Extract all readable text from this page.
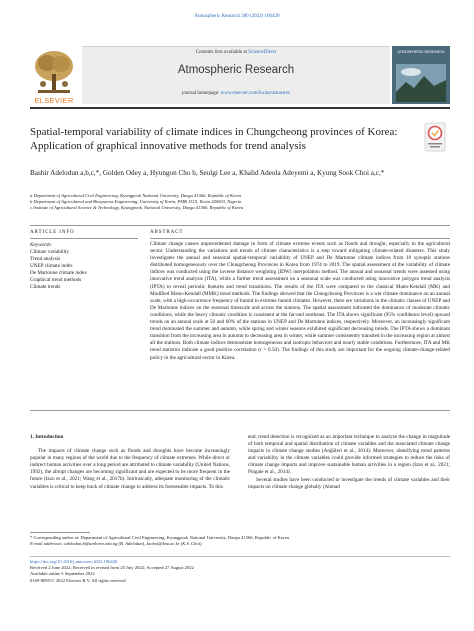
Atmospheric Research 280 (2022) 106420
Contents lists available at ScienceDirect
Atmospheric Research
journal homepage: www.elsevier.com/locate/atmosres
ELSEVIER
ATMOSPHERIC RESEARCH
Spatial-temporal variability of climate indices in Chungcheong provinces of Korea: Application of graphical innovative methods for trend analysis
Bashir Adelodun a,b,c,*, Golden Odey a, Hyungon Cho b, Seulgi Lee a, Khalid Adeola Adeyemi a, Kyung Sook Choi a,c,*
a Department of Agricultural Civil Engineering, Kyungpook National University, Daegu 41566, Republic of Korea
b Department of Agricultural and Biosystems Engineering, University of Ilorin, PMB 1515, Ilorin 240003, Nigeria
c Institute of Agricultural Science & Technology, Kyungpook, National University, Daegu 41566, Republic of Korea
ARTICLE INFO	ABSTRACT
Keywords:
Climate variability
Trend analysis
UNEP climate index
De Martonne climate index
Graphical trend methods
Climate trends
Climate change causes unprecedented damage in form of climate extreme events such as floods and drought, especially in the agricultural sector. Understanding the variations and trends of climate characteristics is a step toward mitigating climate-related disasters. This study investigates the annual and seasonal spatial-temporal variability of UNEP and De Martonne climate indices from 10 synoptic stations distributed homogeneously over the Chungcheong Provinces in Korea from 1974 to 2019. The spatial assessment of the variability of climate indices was conducted using the inverse distance weighting (IDW) interpolation method. The annual and seasonal trends were assessed using innovative trend analysis (ITA), while a further trend assessment on a seasonal scale was conducted using innovative polygon trend analysis (IPTA) to reveal periodic features and trend transitions. The results of the ITA were compared to the classical Mann-Kendall (MK) and Modified Mann-Kendall (MMK) trend methods. The findings showed that the Chungcheong Provinces is a wet climate dominance on an annual scale, with a high-occurrence frequency of humid to extreme humid climates. However, there are variations in the climatic classes of UNEP and De Martonne indices on the seasonal timescale and across the stations. The spatial assessment indicated the dominance of moderate climatic conditions, while the heavy climatic condition is consistent at the far-end northeast. The ITA shows significant (95% confidence level) upward trends on an annual scale at 50 and 60% of the stations in UNEP and De Martonne indices, respectively. Moreover, an increasingly significant trend dominated the summer and autumn, while spring and winter seasons exhibited significant decreasing trends. The IPTA shows a dominant transition from the increasing area in autumn to decreasing area in winter, while summer consistently transited in the increasing region at almost all the stations. Both climate indices demonstrate homogeneous and isotropic behaviors and nearly stable conditions. Furthermore, ITA and MK trend statistics indicate a good positive correlation (r > 0.50). The findings of this study are important for the ongoing climate-change-related policy in the agricultural sector in Korea.
1. Introduction

The impacts of climate change such as floods and droughts have become increasingly popular in many regions of the world due to the frequency of climate extremes. While direct or indirect human activities over a long period are attributed to climate variability (United Nations, 1992), the abrupt changes are becoming significant and are expected to be more frequent in the future (Izzo et al., 2021; Wang et al., 2017b). Intrinsically, adequate monitoring of the climatic variables is critical to keep track of climate change to address its foreseeable impacts. To this

end, trend detection is recognized as an important technique to analyze the change in magnitude of both temporal and spatial distribution of climate variables and the associated climate change impacts in climate change studies (Anğüleri et al., 2014). Moreover, identifying trend patterns and variability in the climate variables could provide informed strategies to reduce the risks of climate change impacts and improve sustainable human activities in a region (Izzo et al., 2021; Pingale et al., 2014).

Several studies have been conducted to investigate the trends of climate variables and their impacts on climate change globally (Ahmad

* Corresponding author at: Department of Agricultural Civil Engineering, Kyungpook National University, Daegu 41566, Republic of Korea.
E-mail addresses: adelodun.b@unilorin.edu.ng (B. Adelodun), kschoi@knu.ac.kr (K.S. Choi).
https://doi.org/10.1016/j.atmosres.2022.106420
Received 2 June 2022; Received in revised form 25 July 2022; Accepted 27 August 2022
Available online 5 September 2022
0169-8095/© 2022 Elsevier B.V. All rights reserved.
